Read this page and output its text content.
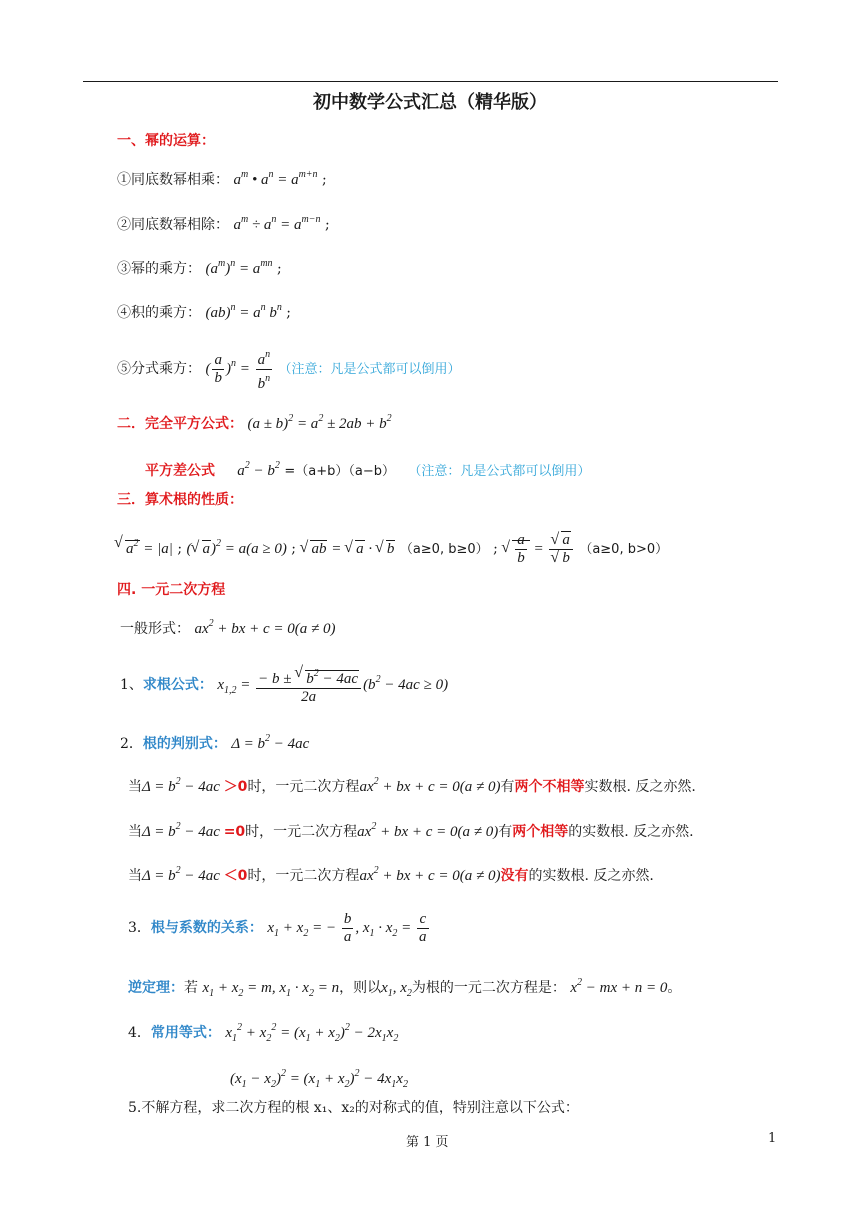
初中数学公式汇总（精华版）
一、幂的运算：
①同底数幂相乘： $a^m$ • $a^n = a^{m+n}$ ;
②同底数幂相除： $a^m \div a^n = a^{m-n}$ ;
③幂的乘方： $(a^m)^n = a^{mn}$ ;
④积的乘方： $(ab)^n = a^n$ $b^n$ ;
⑤分式乘方： ( $\frac{a}{b} )^n = \frac{a^n}{b^n}$ （注意：凡是公式都可以倒用）
二．完全平方公式： $(a \pm b)^2 = a^2 \pm 2ab + b^2$
平方差公式 $a^2 - b^2 =(a+b)(a-b)$ （注意：凡是公式都可以倒用）
三．算术根的性质：
√ $a^2 = |a|$ ; ( √ a)$^2$ = a(a ≥ 0) ; √ ab = √ a · √ b （a≥0, b≥0） ; √ $\frac{a}{b}$ = √ a
√ b （a≥0, b>0）
四. 一元二次方程
一般形式： $ax^2$ + bx + c = 0(a ≠ 0)
1、求根公式： $x_{1,2} = \frac{- b \pm √ b^2 - 4ac}{2a} (b^2 - 4ac \ge 0)$
2．根的判别式： $\Delta = b^2 - 4ac$
当$\Delta = b^2 - 4ac >0$时，一元二次方程$ax^2$ + bx + c = 0(a ≠ 0)有两个不相等实数根. 反之亦然.
当$\Delta = b^2 - 4ac =0$时，一元二次方程$ax^2$ + bx + c = 0(a ≠ 0)有两个相等的实数根. 反之亦然.
当$\Delta = b^2 - 4ac <0$时，一元二次方程$ax^2$ + bx + c = 0(a ≠ 0)没有的实数根. 反之亦然.
3．根与系数的关系： $x_1 + x_2$ = − $\frac{b}{a}$ , $x_1 \cdot x_2 = \frac{c}{a}$
逆定理：若 $x_1 + x_2 = m$, $x_1 \cdot x_2 = n$，则以$x_1$, $x_2$为根的一元二次方程是： $x^2$ − mx + n = 0。
4．常用等式： $x_1^2 + x_2^2 = (x_1 + x_2)^2 - 2x_1x_2$
$(x_1 - x_2)^2 = (x_1 + x_2)^2 - 4x_1x_2$
5.不解方程，求二次方程的根 x₁、x₂的对称式的值，特别注意以下公式：
第 1 页	1
